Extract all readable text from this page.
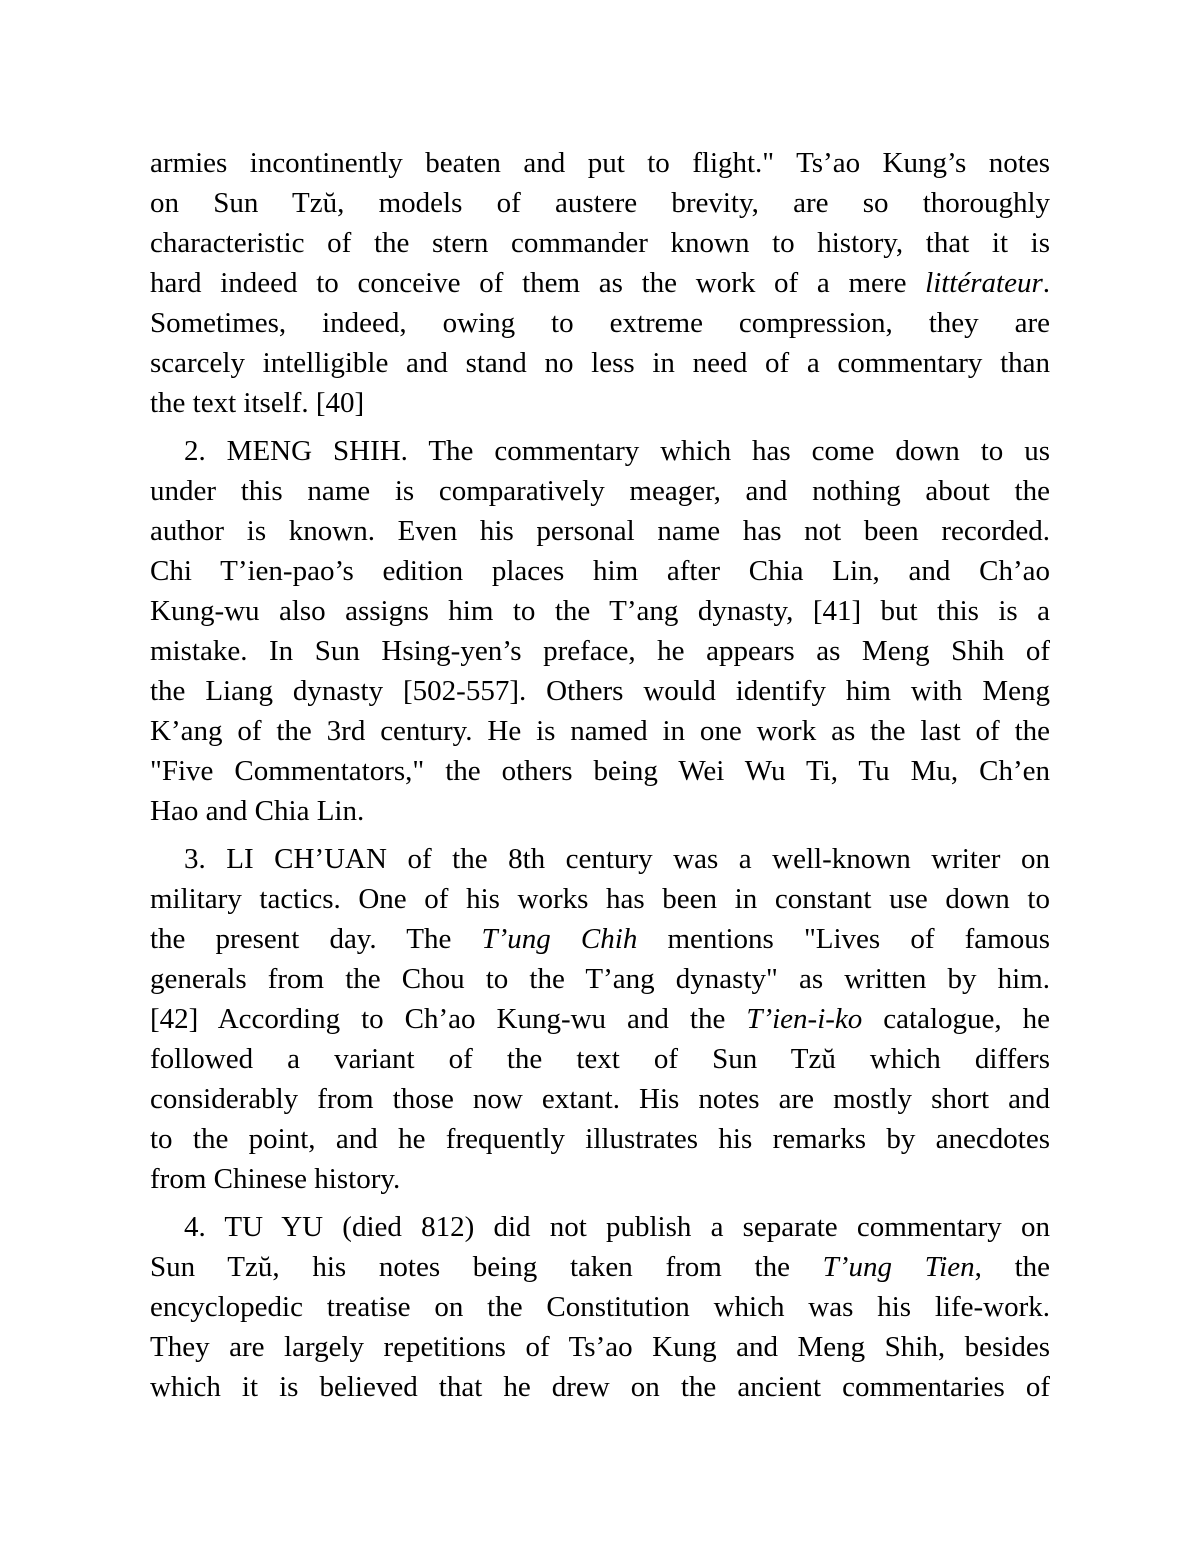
armies incontinently beaten and put to flight." Ts’ao Kung’s notes
on Sun Tzŭ, models of austere brevity, are so thoroughly
characteristic of the stern commander known to history, that it is
hard indeed to conceive of them as the work of a mere littérateur.
Sometimes, indeed, owing to extreme compression, they are
scarcely intelligible and stand no less in need of a commentary than
the text itself. [40]
2. MENG SHIH. The commentary which has come down to us
under this name is comparatively meager, and nothing about the
author is known. Even his personal name has not been recorded.
Chi T’ien-pao’s edition places him after Chia Lin, and Ch’ao
Kung-wu also assigns him to the T’ang dynasty, [41] but this is a
mistake. In Sun Hsing-yen’s preface, he appears as Meng Shih of
the Liang dynasty [502-557]. Others would identify him with Meng
K’ang of the 3rd century. He is named in one work as the last of the
"Five Commentators," the others being Wei Wu Ti, Tu Mu, Ch’en
Hao and Chia Lin.
3. LI CH’UAN of the 8th century was a well-known writer on
military tactics. One of his works has been in constant use down to
the present day. The T’ung Chih mentions "Lives of famous
generals from the Chou to the T’ang dynasty" as written by him.
[42] According to Ch’ao Kung-wu and the T’ien-i-ko catalogue, he
followed a variant of the text of Sun Tzŭ which differs
considerably from those now extant. His notes are mostly short and
to the point, and he frequently illustrates his remarks by anecdotes
from Chinese history.
4. TU YU (died 812) did not publish a separate commentary on
Sun Tzŭ, his notes being taken from the T’ung Tien, the
encyclopedic treatise on the Constitution which was his life-work.
They are largely repetitions of Ts’ao Kung and Meng Shih, besides
which it is believed that he drew on the ancient commentaries of
